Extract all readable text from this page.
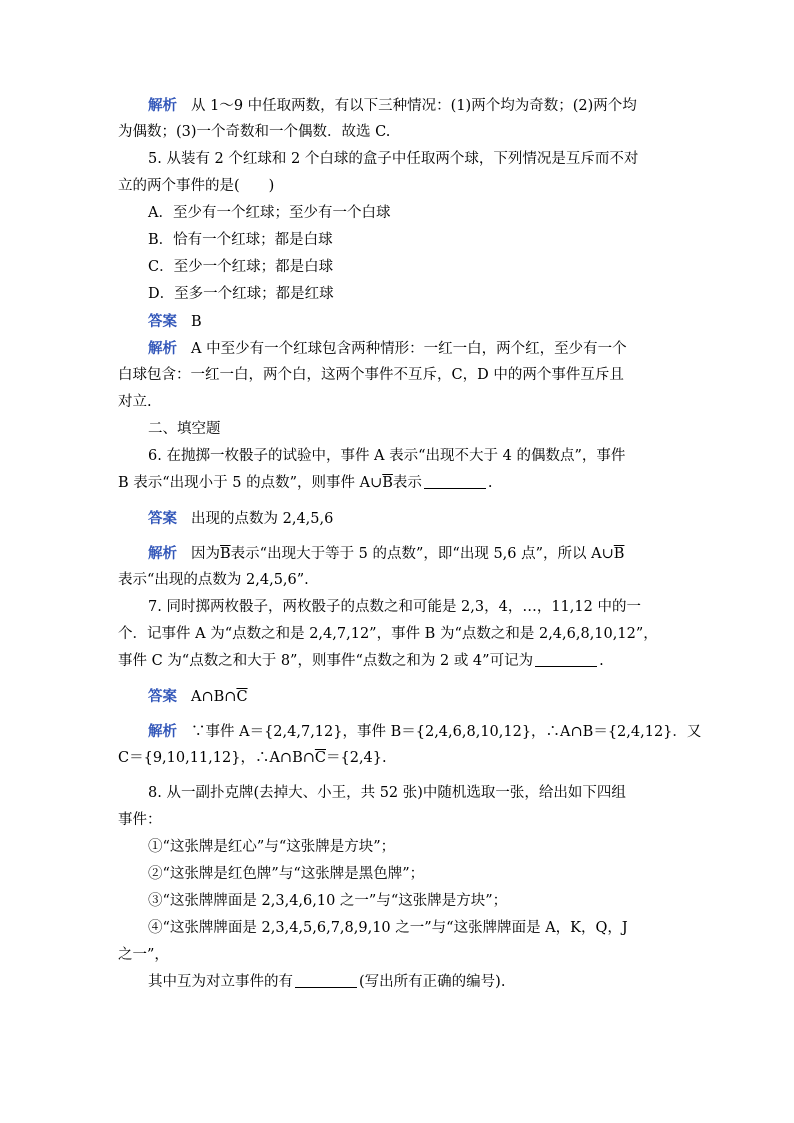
解析 从 1～9 中任取两数，有以下三种情况：(1)两个均为奇数；(2)两个均
为偶数；(3)一个奇数和一个偶数．故选 C.
5. 从装有 2 个红球和 2 个白球的盒子中任取两个球，下列情况是互斥而不对
立的两个事件的是(　　)
A．至少有一个红球；至少有一个白球
B．恰有一个红球；都是白球
C．至少一个红球；都是白球
D．至多一个红球；都是红球
答案 B
解析 A 中至少有一个红球包含两种情形：一红一白，两个红，至少有一个
白球包含：一红一白，两个白，这两个事件不互斥，C，D 中的两个事件互斥且
对立.
二、填空题
6. 在抛掷一枚骰子的试验中，事件 A 表示“出现不大于 4 的偶数点”，事件
B 表示“出现小于 5 的点数”，则事件 $A\cup\overline{B}$表示	.
答案 出现的点数为 2,4,5,6
解析 因为$\overline{B}$表示“出现大于等于 5 的点数”，即“出现 5,6 点”，所以 $A\cup\overline{B}$
表示“出现的点数为 2,4,5,6”.
7. 同时掷两枚骰子，两枚骰子的点数之和可能是 2,3，4，…，11,12 中的一
个．记事件 A 为“点数之和是 2,4,7,12”，事件 B 为“点数之和是 2,4,6,8,10,12”，
事件 C 为“点数之和大于 8”，则事件“点数之和为 2 或 4”可记为	.
答案 $A\cap B\cap\overline{C}$
解析 ∵事件 A＝{2,4,7,12}，事件 B＝{2,4,6,8,10,12}，∴A∩B＝{2,4,12}．又
C＝{9,10,11,12}，$\therefore A\cap B\cap\overline{C}=\{2,4\}$.
8. 从一副扑克牌(去掉大、小王，共 52 张)中随机选取一张，给出如下四组
事件：
①“这张牌是红心”与“这张牌是方块”；
②“这张牌是红色牌”与“这张牌是黑色牌”；
③“这张牌牌面是 2,3,4,6,10 之一”与“这张牌是方块”；
④“这张牌牌面是 2,3,4,5,6,7,8,9,10 之一”与“这张牌牌面是 A，K，Q，J
之一”，
其中互为对立事件的有	(写出所有正确的编号).
